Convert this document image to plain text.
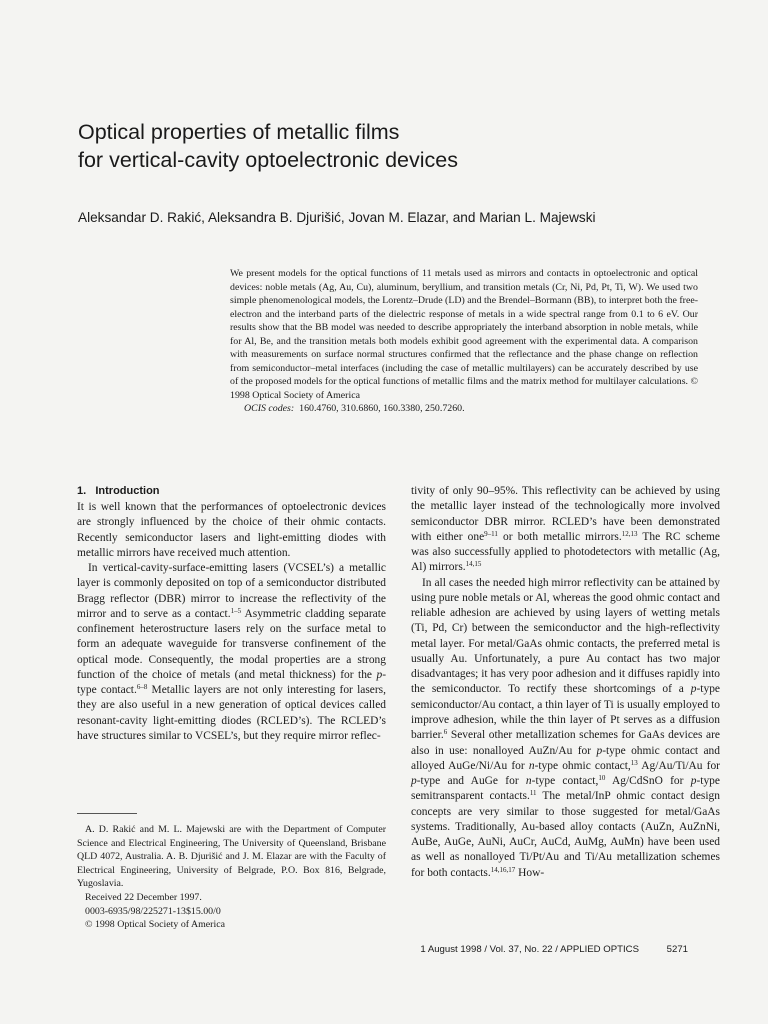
Optical properties of metallic films
for vertical-cavity optoelectronic devices
Aleksandar D. Rakić, Aleksandra B. Djurišić, Jovan M. Elazar, and Marian L. Majewski
We present models for the optical functions of 11 metals used as mirrors and contacts in optoelectronic and optical devices: noble metals (Ag, Au, Cu), aluminum, beryllium, and transition metals (Cr, Ni, Pd, Pt, Ti, W). We used two simple phenomenological models, the Lorentz–Drude (LD) and the Brendel–Bormann (BB), to interpret both the free-electron and the interband parts of the dielectric response of metals in a wide spectral range from 0.1 to 6 eV. Our results show that the BB model was needed to describe appropriately the interband absorption in noble metals, while for Al, Be, and the transition metals both models exhibit good agreement with the experimental data. A comparison with measurements on surface normal structures confirmed that the reflectance and the phase change on reflection from semiconductor–metal interfaces (including the case of metallic multilayers) can be accurately described by use of the proposed models for the optical functions of metallic films and the matrix method for multilayer calculations. © 1998 Optical Society of America
OCIS codes: 160.4760, 310.6860, 160.3380, 250.7260.
1. Introduction

It is well known that the performances of optoelectronic devices are strongly influenced by the choice of their ohmic contacts. Recently semiconductor lasers and light-emitting diodes with metallic mirrors have received much attention.

In vertical-cavity-surface-emitting lasers (VCSEL’s) a metallic layer is commonly deposited on top of a semiconductor distributed Bragg reflector (DBR) mirror to increase the reflectivity of the mirror and to serve as a contact.$^{1-5}$ Asymmetric cladding separate confinement heterostructure lasers rely on the surface metal to form an adequate waveguide for transverse confinement of the optical mode. Consequently, the modal properties are a strong function of the choice of metals (and metal thickness) for the p-type contact.$^{6-8}$ Metallic layers are not only interesting for lasers, they are also useful in a new generation of optical devices called resonant-cavity light-emitting diodes (RCLED’s). The RCLED’s have structures similar to VCSEL’s, but they require mirror reflec-

A. D. Rakić and M. L. Majewski are with the Department of Computer Science and Electrical Engineering, The University of Queensland, Brisbane QLD 4072, Australia. A. B. Djurišić and J. M. Elazar are with the Faculty of Electrical Engineering, University of Belgrade, P.O. Box 816, Belgrade, Yugoslavia.

Received 22 December 1997.
0003-6935/98/225271-13$15.00/0
© 1998 Optical Society of America

tivity of only 90–95%. This reflectivity can be achieved by using the metallic layer instead of the technologically more involved semiconductor DBR mirror. RCLED’s have been demonstrated with either one$^{9-11}$ or both metallic mirrors.$^{12,13}$ The RC scheme was also successfully applied to photodetectors with metallic (Ag, Al) mirrors.$^{14,15}$

In all cases the needed high mirror reflectivity can be attained by using pure noble metals or Al, whereas the good ohmic contact and reliable adhesion are achieved by using layers of wetting metals (Ti, Pd, Cr) between the semiconductor and the high-reflectivity metal layer. For metal/GaAs ohmic contacts, the preferred metal is usually Au. Unfortunately, a pure Au contact has two major disadvantages; it has very poor adhesion and it diffuses rapidly into the semiconductor. To rectify these shortcomings of a p-type semiconductor/Au contact, a thin layer of Ti is usually employed to improve adhesion, while the thin layer of Pt serves as a diffusion barrier.$^6$ Several other metallization schemes for GaAs devices are also in use: nonalloyed AuZn/Au for p-type ohmic contact and alloyed AuGe/Ni/Au for n-type ohmic contact,$^{13}$ Ag/Au/Ti/Au for p-type and AuGe for n-type contact,$^{10}$ Ag/CdSnO for p-type semitransparent contacts.$^{11}$ The metal/InP ohmic contact design concepts are very similar to those suggested for metal/GaAs systems. Traditionally, Au-based alloy contacts (AuZn, AuZnNi, AuBe, AuGe, AuNi, AuCr, AuCd, AuMg, AuMn) have been used as well as nonalloyed Ti/Pt/Au and Ti/Au metallization schemes for both contacts.$^{14,16,17}$ How-

1 August 1998 / Vol. 37, No. 22 / APPLIED OPTICS	5271
